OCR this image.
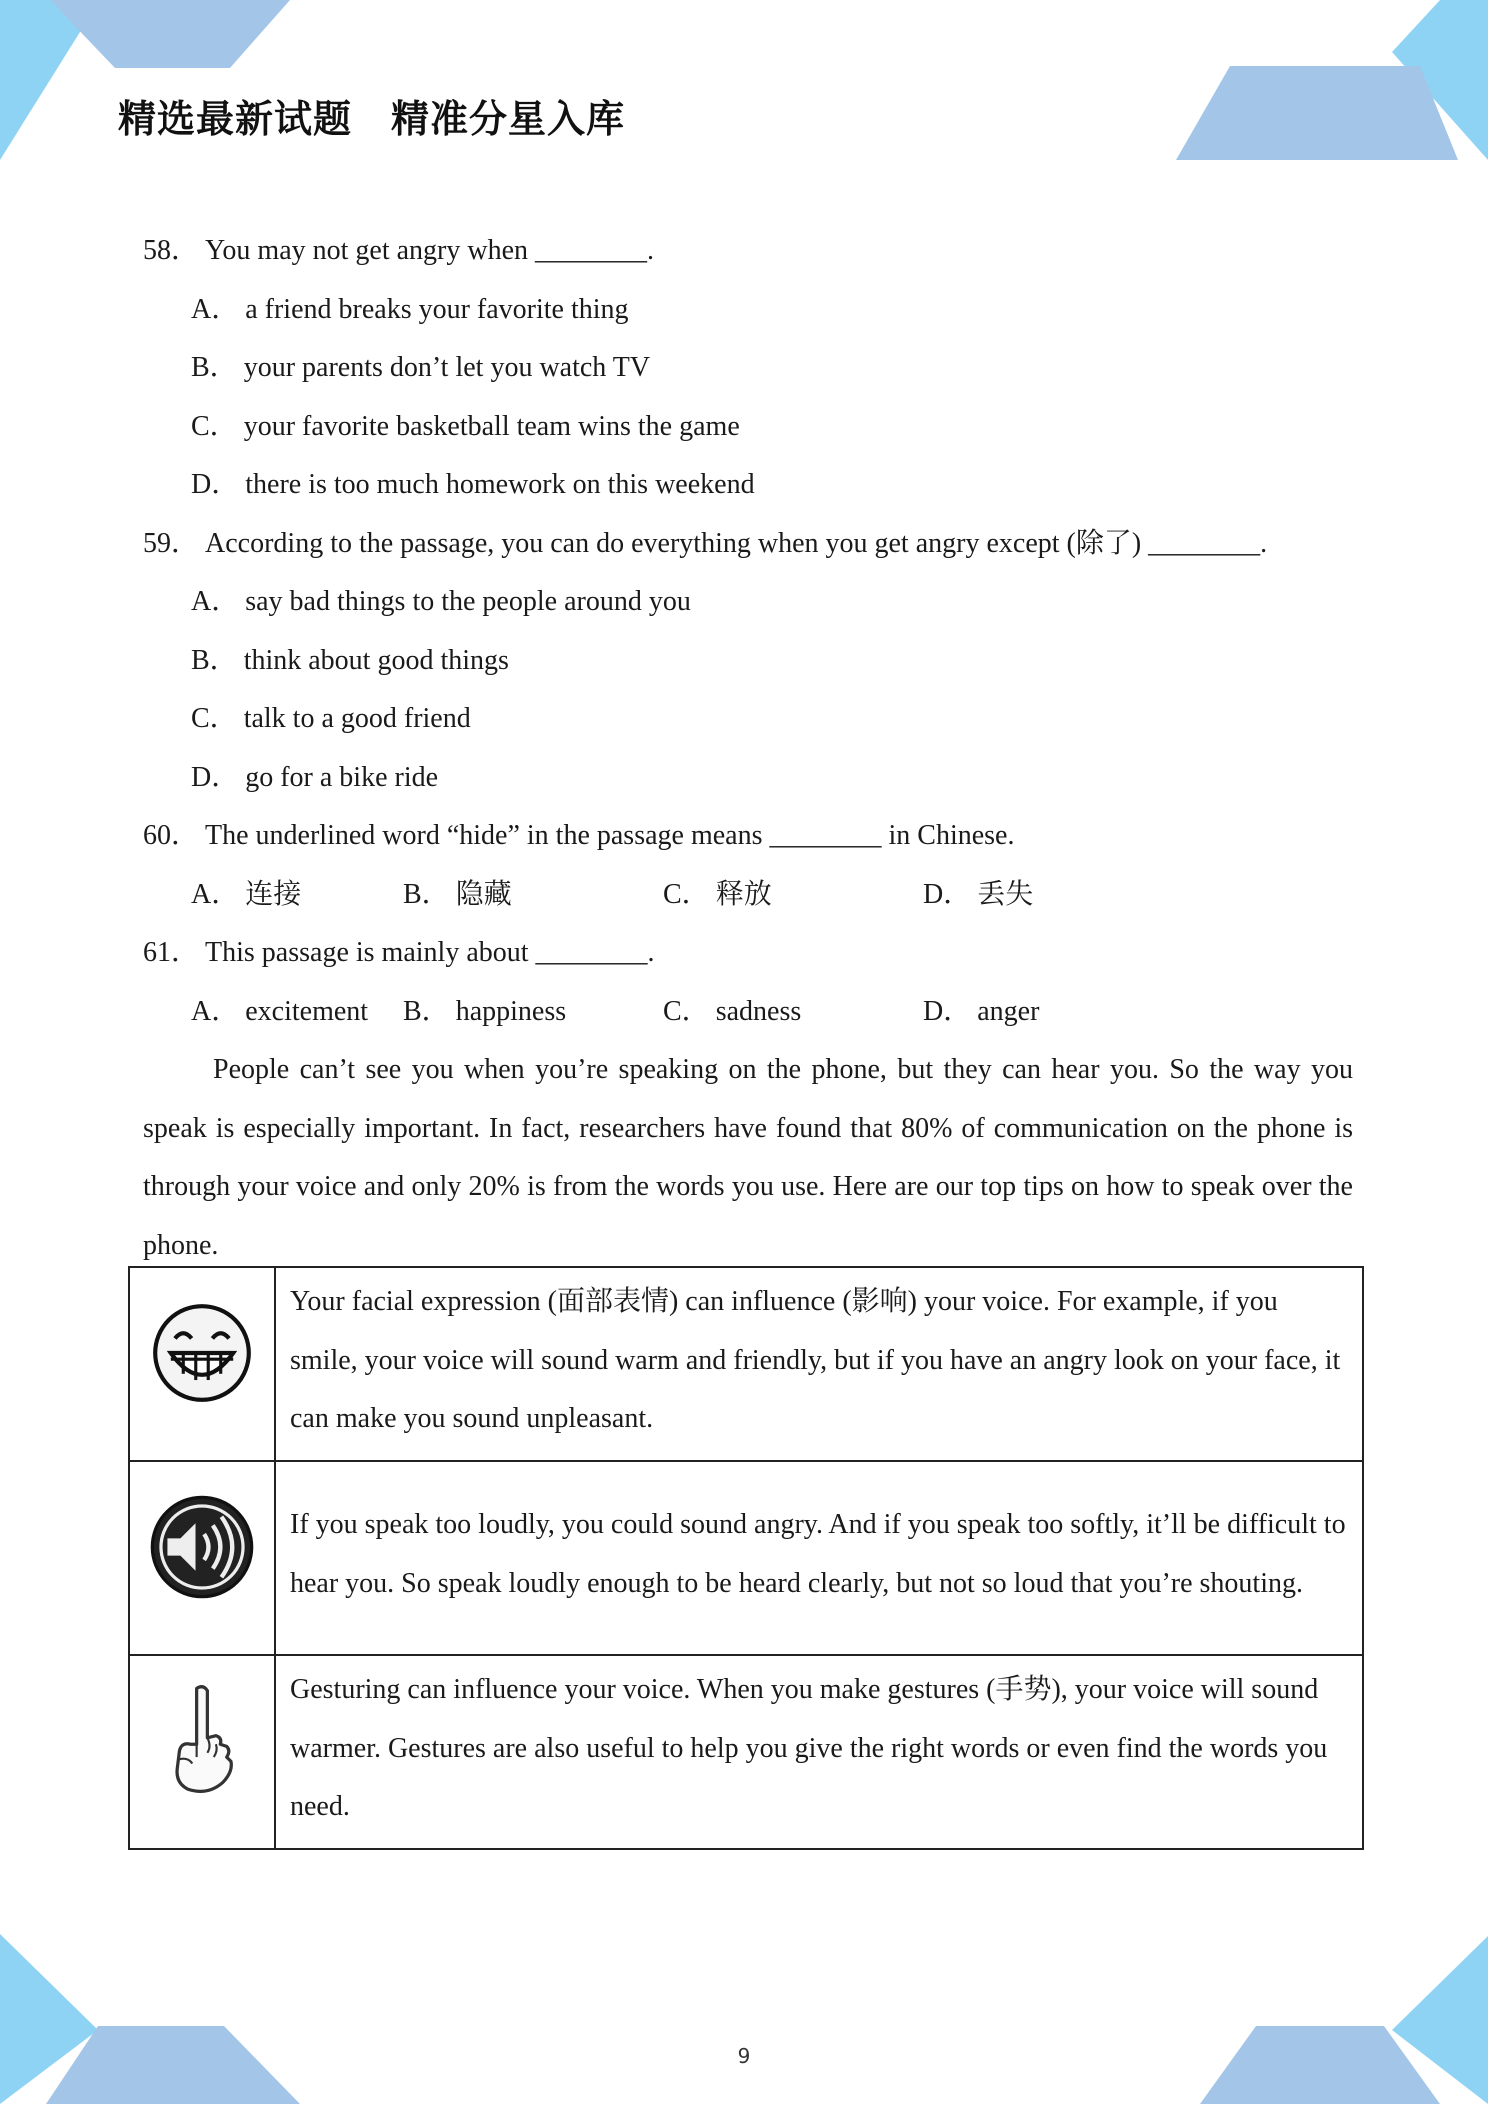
精选最新试题　精准分星入库

58． You may not get angry when ________.

A． a friend breaks your favorite thing

B． your parents don’t let you watch TV

C． your favorite basketball team wins the game

D． there is too much homework on this weekend

59． According to the passage, you can do everything when you get angry except (除了) ________.

A． say bad things to the people around you

B． think about good things

C． talk to a good friend

D． go for a bike ride

60． The underlined word “hide” in the passage means ________ in Chinese.

A． 连接	B． 隐藏	C． 释放	D． 丢失

61． This passage is mainly about ________.

A． excitement	B． happiness	C． sadness	D． anger

People can’t see you when you’re speaking on the phone, but they can hear you. So the way you speak is especially important. In fact, researchers have found that 80% of communication on the phone is through your voice and only 20% is from the words you use. Here are our top tips on how to speak over the phone.

	Your facial expression (面部表情) can influence (影响) your voice. For example, if you smile, your voice will sound warm and friendly, but if you have an angry look on your face, it can make you sound unpleasant.
	If you speak too loudly, you could sound angry. And if you speak too softly, it’ll be difficult to hear you. So speak loudly enough to be heard clearly, but not so loud that you’re shouting.
	Gesturing can influence your voice. When you make gestures (手势), your voice will sound warmer. Gestures are also useful to help you give the right words or even find the words you need.
9
